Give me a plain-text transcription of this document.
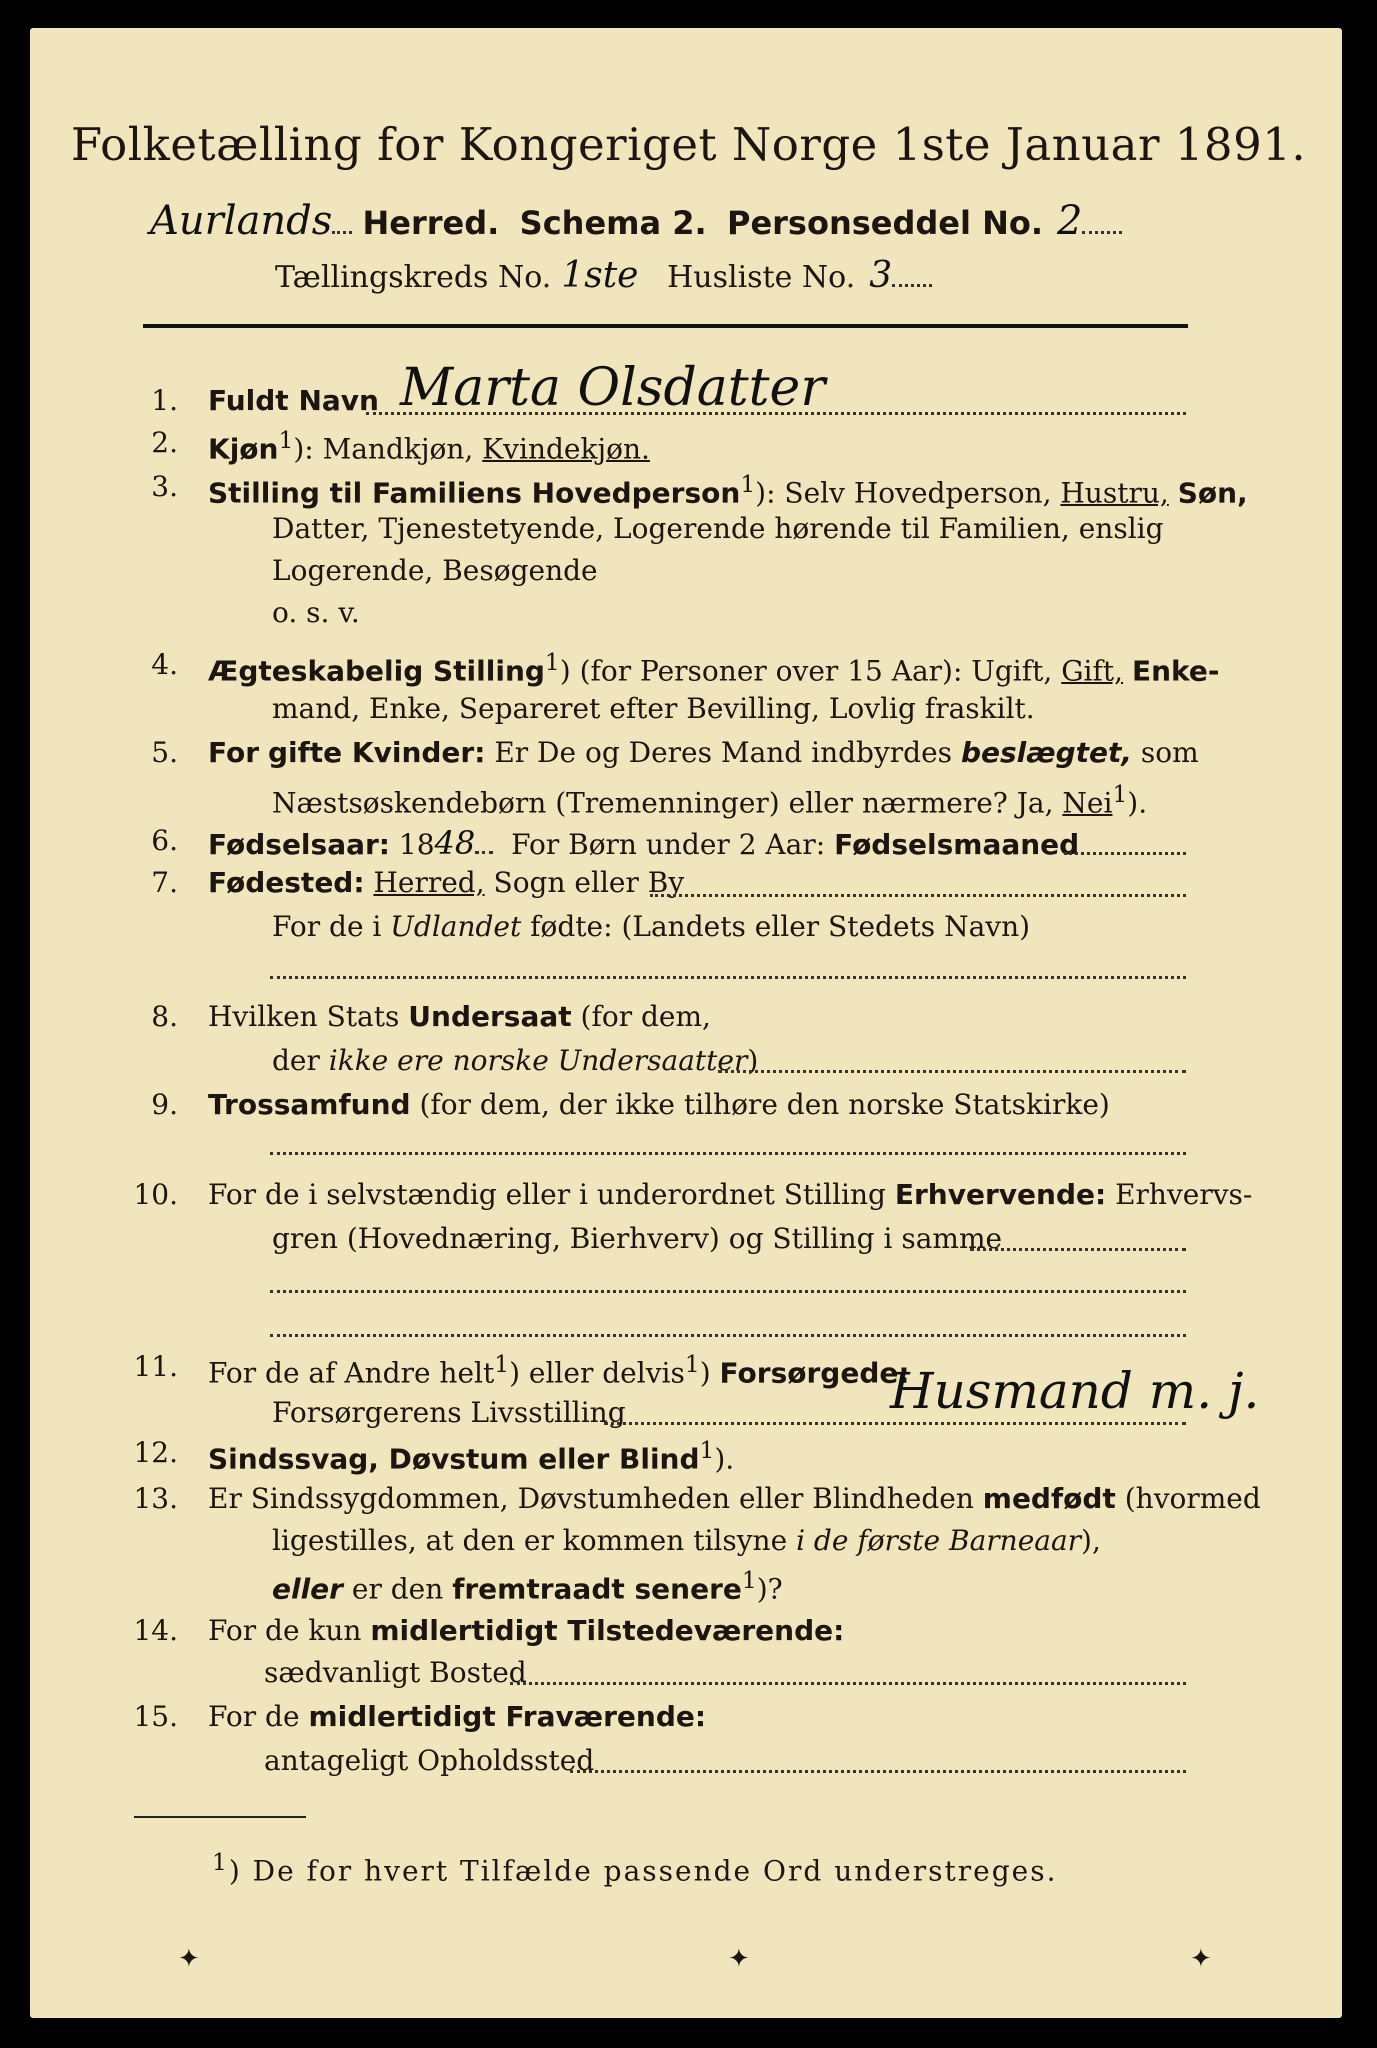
Folketælling for Kongeriget Norge 1ste Januar 1891.
Aurlands Herred. Schema 2. Personseddel No. 2
Tællingskreds No. 1ste Husliste No. 3
1. Fuldt Navn Marta Olsdatter
2. Kjøn$^1$): Mandkjøn, Kvindekjøn.
3. Stilling til Familiens Hovedperson$^1$): Selv Hovedperson, Hustru, Søn,
Datter, Tjenestetyende, Logerende hørende til Familien, enslig
Logerende, Besøgende
o. s. v.
4. Ægteskabelig Stilling$^1$) (for Personer over 15 Aar): Ugift, Gift, Enke-
mand, Enke, Separeret efter Bevilling, Lovlig fraskilt.
5. For gifte Kvinder: Er De og Deres Mand indbyrdes beslægtet, som
Næstsøskendebørn (Tremenninger) eller nærmere? Ja, Nei$^1$).
6. Fødselsaar: 1848 For Børn under 2 Aar: Fødselsmaaned
7. Fødested: Herred, Sogn eller By
For de i Udlandet fødte: (Landets eller Stedets Navn)
8. Hvilken Stats Undersaat (for dem,
der ikke ere norske Undersaatter)
9. Trossamfund (for dem, der ikke tilhøre den norske Statskirke)
10. For de i selvstændig eller i underordnet Stilling Erhvervende: Erhvervs-
gren (Hovednæring, Bierhverv) og Stilling i samme
11. For de af Andre helt$^1$) eller delvis$^1$) Forsørgede:
Forsørgerens Livsstilling	Husmand m. j.
12. Sindssvag, Døvstum eller Blind$^1$).
13. Er Sindssygdommen, Døvstumheden eller Blindheden medfødt (hvormed
ligestilles, at den er kommen tilsyne i de første Barneaar),
eller er den fremtraadt senere$^1$)?
14. For de kun midlertidigt Tilstedeværende:
sædvanligt Bosted
15. For de midlertidigt Fraværende:
antageligt Opholdssted
$^1$) De for hvert Tilfælde passende Ord understreges.
✦	✦	✦
